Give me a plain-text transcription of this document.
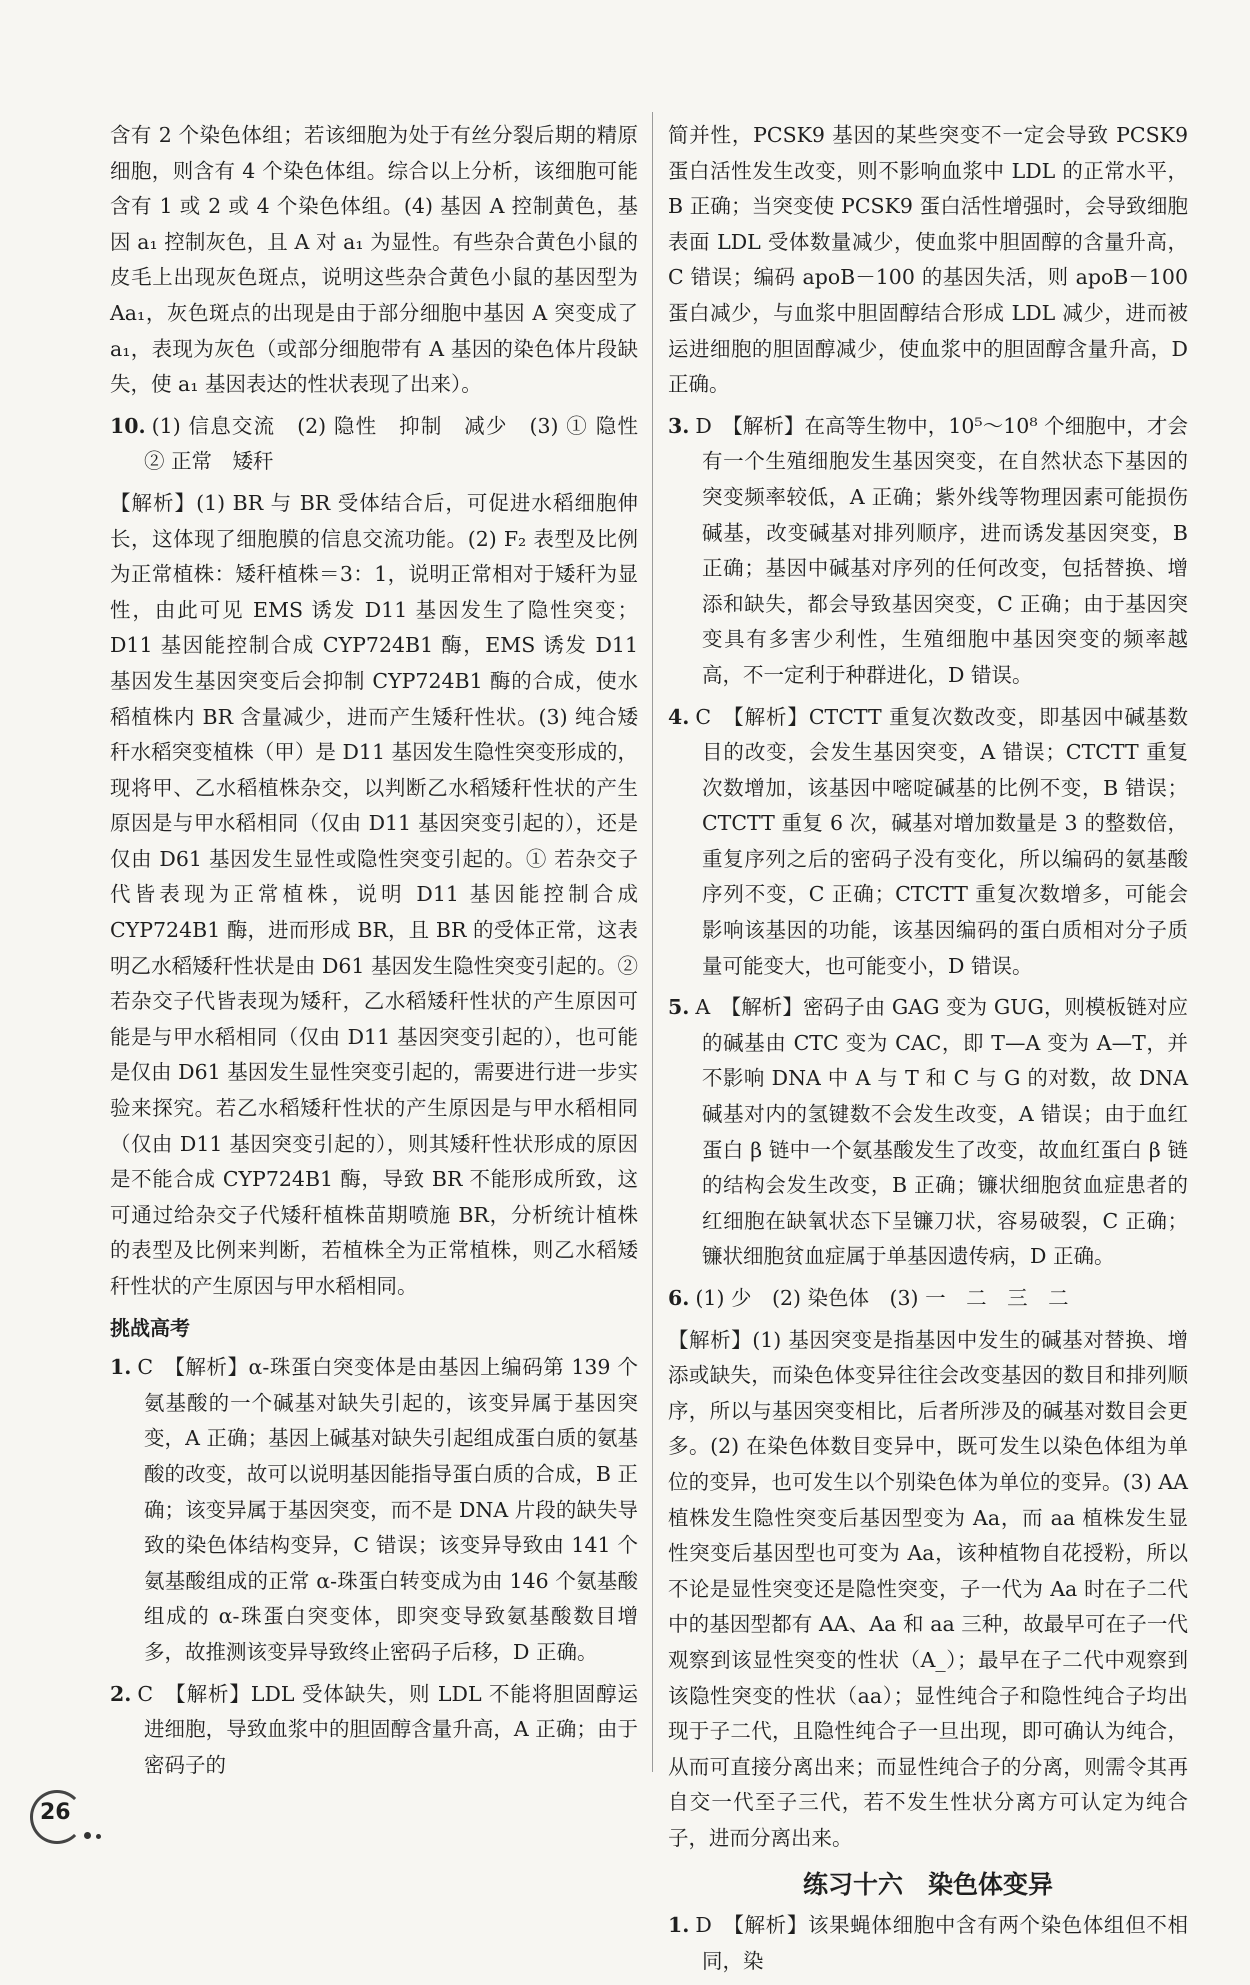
含有 2 个染色体组；若该细胞为处于有丝分裂后期的精原细胞，则含有 4 个染色体组。综合以上分析，该细胞可能含有 1 或 2 或 4 个染色体组。(4) 基因 A 控制黄色，基因 a₁ 控制灰色，且 A 对 a₁ 为显性。有些杂合黄色小鼠的皮毛上出现灰色斑点，说明这些杂合黄色小鼠的基因型为 Aa₁，灰色斑点的出现是由于部分细胞中基因 A 突变成了 a₁，表现为灰色（或部分细胞带有 A 基因的染色体片段缺失，使 a₁ 基因表达的性状表现了出来）。
10. (1) 信息交流　(2) 隐性　抑制　减少　(3) ① 隐性　② 正常　矮秆
【解析】(1) BR 与 BR 受体结合后，可促进水稻细胞伸长，这体现了细胞膜的信息交流功能。(2) F₂ 表型及比例为正常植株：矮秆植株＝3：1，说明正常相对于矮秆为显性，由此可见 EMS 诱发 D11 基因发生了隐性突变；D11 基因能控制合成 CYP724B1 酶，EMS 诱发 D11 基因发生基因突变后会抑制 CYP724B1 酶的合成，使水稻植株内 BR 含量减少，进而产生矮秆性状。(3) 纯合矮秆水稻突变植株（甲）是 D11 基因发生隐性突变形成的，现将甲、乙水稻植株杂交，以判断乙水稻矮秆性状的产生原因是与甲水稻相同（仅由 D11 基因突变引起的），还是仅由 D61 基因发生显性或隐性突变引起的。① 若杂交子代皆表现为正常植株，说明 D11 基因能控制合成 CYP724B1 酶，进而形成 BR，且 BR 的受体正常，这表明乙水稻矮秆性状是由 D61 基因发生隐性突变引起的。② 若杂交子代皆表现为矮秆，乙水稻矮秆性状的产生原因可能是与甲水稻相同（仅由 D11 基因突变引起的），也可能是仅由 D61 基因发生显性突变引起的，需要进行进一步实验来探究。若乙水稻矮秆性状的产生原因是与甲水稻相同（仅由 D11 基因突变引起的），则其矮秆性状形成的原因是不能合成 CYP724B1 酶，导致 BR 不能形成所致，这可通过给杂交子代矮秆植株苗期喷施 BR，分析统计植株的表型及比例来判断，若植株全为正常植株，则乙水稻矮秆性状的产生原因与甲水稻相同。
挑战高考
1. C　【解析】α-珠蛋白突变体是由基因上编码第 139 个氨基酸的一个碱基对缺失引起的，该变异属于基因突变，A 正确；基因上碱基对缺失引起组成蛋白质的氨基酸的改变，故可以说明基因能指导蛋白质的合成，B 正确；该变异属于基因突变，而不是 DNA 片段的缺失导致的染色体结构变异，C 错误；该变异导致由 141 个氨基酸组成的正常 α-珠蛋白转变成为由 146 个氨基酸组成的 α-珠蛋白突变体，即突变导致氨基酸数目增多，故推测该变异导致终止密码子后移，D 正确。
2. C　【解析】LDL 受体缺失，则 LDL 不能将胆固醇运进细胞，导致血浆中的胆固醇含量升高，A 正确；由于密码子的
简并性，PCSK9 基因的某些突变不一定会导致 PCSK9 蛋白活性发生改变，则不影响血浆中 LDL 的正常水平，B 正确；当突变使 PCSK9 蛋白活性增强时，会导致细胞表面 LDL 受体数量减少，使血浆中胆固醇的含量升高，C 错误；编码 apoB－100 的基因失活，则 apoB－100 蛋白减少，与血浆中胆固醇结合形成 LDL 减少，进而被运进细胞的胆固醇减少，使血浆中的胆固醇含量升高，D 正确。
3. D　【解析】在高等生物中，10⁵～10⁸ 个细胞中，才会有一个生殖细胞发生基因突变，在自然状态下基因的突变频率较低，A 正确；紫外线等物理因素可能损伤碱基，改变碱基对排列顺序，进而诱发基因突变，B 正确；基因中碱基对序列的任何改变，包括替换、增添和缺失，都会导致基因突变，C 正确；由于基因突变具有多害少利性，生殖细胞中基因突变的频率越高，不一定利于种群进化，D 错误。
4. C　【解析】CTCTT 重复次数改变，即基因中碱基数目的改变，会发生基因突变，A 错误；CTCTT 重复次数增加，该基因中嘧啶碱基的比例不变，B 错误；CTCTT 重复 6 次，碱基对增加数量是 3 的整数倍，重复序列之后的密码子没有变化，所以编码的氨基酸序列不变，C 正确；CTCTT 重复次数增多，可能会影响该基因的功能，该基因编码的蛋白质相对分子质量可能变大，也可能变小，D 错误。
5. A　【解析】密码子由 GAG 变为 GUG，则模板链对应的碱基由 CTC 变为 CAC，即 T—A 变为 A—T，并不影响 DNA 中 A 与 T 和 C 与 G 的对数，故 DNA 碱基对内的氢键数不会发生改变，A 错误；由于血红蛋白 β 链中一个氨基酸发生了改变，故血红蛋白 β 链的结构会发生改变，B 正确；镰状细胞贫血症患者的红细胞在缺氧状态下呈镰刀状，容易破裂，C 正确；镰状细胞贫血症属于单基因遗传病，D 正确。
6. (1) 少　(2) 染色体　(3) 一　二　三　二
【解析】(1) 基因突变是指基因中发生的碱基对替换、增添或缺失，而染色体变异往往会改变基因的数目和排列顺序，所以与基因突变相比，后者所涉及的碱基对数目会更多。(2) 在染色体数目变异中，既可发生以染色体组为单位的变异，也可发生以个别染色体为单位的变异。(3) AA 植株发生隐性突变后基因型变为 Aa，而 aa 植株发生显性突变后基因型也可变为 Aa，该种植物自花授粉，所以不论是显性突变还是隐性突变，子一代为 Aa 时在子二代中的基因型都有 AA、Aa 和 aa 三种，故最早可在子一代观察到该显性突变的性状（A_）；最早在子二代中观察到该隐性突变的性状（aa）；显性纯合子和隐性纯合子均出现于子二代，且隐性纯合子一旦出现，即可确认为纯合，从而可直接分离出来；而显性纯合子的分离，则需令其再自交一代至子三代，若不发生性状分离方可认定为纯合子，进而分离出来。
练习十六　染色体变异
1. D　【解析】该果蝇体细胞中含有两个染色体组但不相同，染
26
